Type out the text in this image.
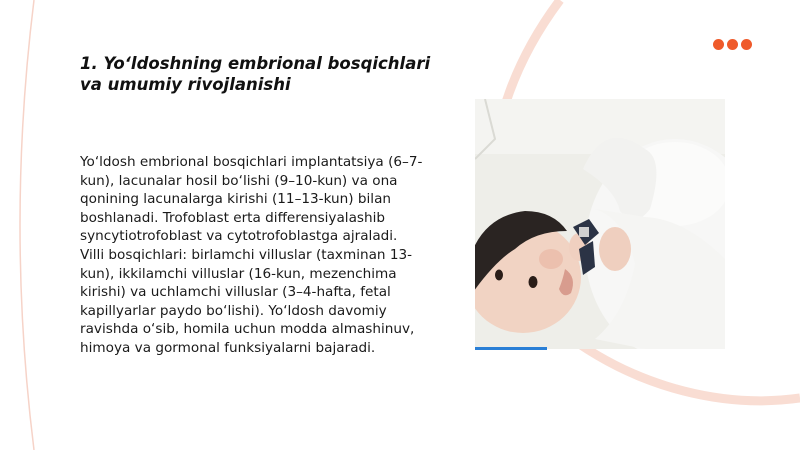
1. Yo‘ldoshning embrional bosqichlari va umumiy rivojlanishi

Yo‘ldosh embrional bosqichlari implantatsiya (6–7-kun), lacunalar hosil bo‘lishi (9–10-kun) va ona qonining lacunalarga kirishi (11–13-kun) bilan boshlanadi. Trofoblast erta differensiyalashib syncytiotrofoblast va cytotrofoblastga ajraladi. Villi bosqichlari: birlamchi villuslar (taxminan 13-kun), ikkilamchi villuslar (16-kun, mezenchima kirishi) va uchlamchi villuslar (3–4-hafta, fetal kapillyarlar paydo bo‘lishi). Yo‘ldosh davomiy ravishda o‘sib, homila uchun modda almashinuv, himoya va gormonal funksiyalarni bajaradi.
